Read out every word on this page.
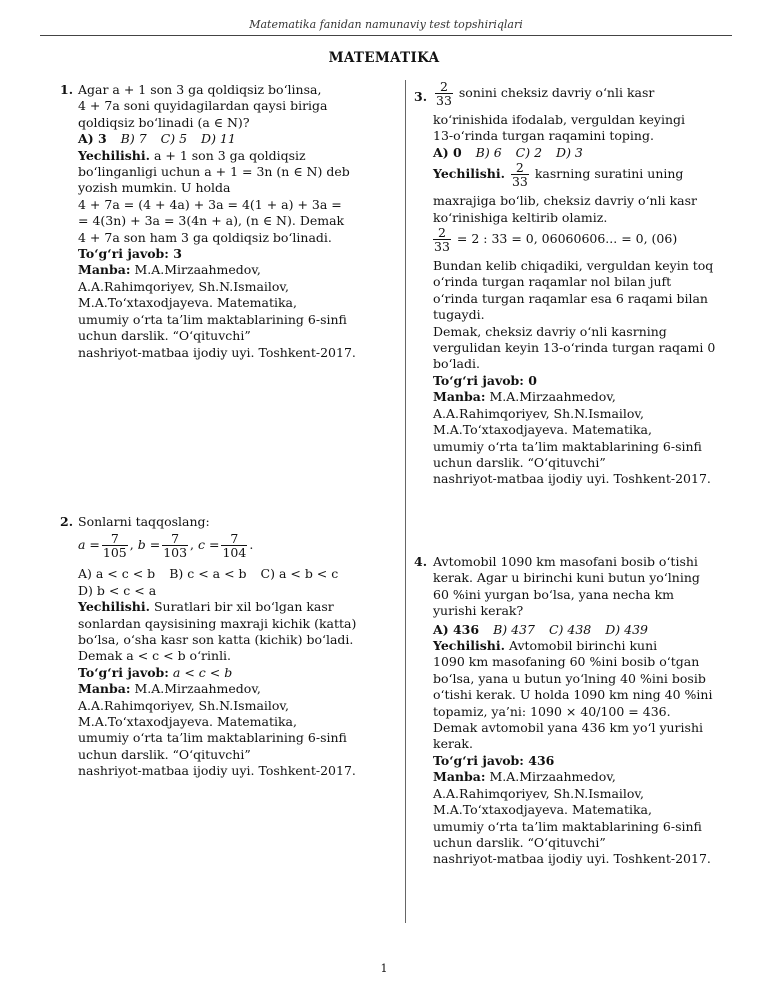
Matematika fanidan namunaviy test topshiriqlari
MATEMATIKA
1. Agar a + 1 son 3 ga qoldiqsiz bo‘linsa,
4 + 7a soni quyidagilardan qaysi biriga
qoldiqsiz bo‘linadi (a ∈ N)?
A) 3 B) 7 C) 5 D) 11
Yechilishi. a + 1 son 3 ga qoldiqsiz
bo‘linganligi uchun a + 1 = 3n (n ∈ N) deb
yozish mumkin. U holda
4 + 7a = (4 + 4a) + 3a = 4(1 + a) + 3a =
= 4(3n) + 3a = 3(4n + a), (n ∈ N). Demak
4 + 7a son ham 3 ga qoldiqsiz bo‘linadi.
To‘g‘ri javob: 3
Manba: M.A.Mirzaahmedov,
A.A.Rahimqoriyev, Sh.N.Ismailov,
M.A.To‘xtaxodjayeva. Matematika,
umumiy o‘rta ta’lim maktablarining 6-sinfi
uchun darslik. “O‘qituvchi”
nashriyot-matbaa ijodiy uyi. Toshkent-2017.
2. Sonlarni taqqoslang:
$a = \frac{7}{105}$ , $b = \frac{7}{103}$ , $c = \frac{7}{104}$ .
A) a < c < b B) c < a < b C) a < b < c
D) b < c < a
Yechilishi. Suratlari bir xil bo‘lgan kasr
sonlardan qaysisining maxraji kichik (katta)
bo‘lsa, o‘sha kasr son katta (kichik) bo‘ladi.
Demak a < c < b o‘rinli.
To‘g‘ri javob: a < c < b
Manba: M.A.Mirzaahmedov,
A.A.Rahimqoriyev, Sh.N.Ismailov,
M.A.To‘xtaxodjayeva. Matematika,
umumiy o‘rta ta’lim maktablarining 6-sinfi
uchun darslik. “O‘qituvchi”
nashriyot-matbaa ijodiy uyi. Toshkent-2017.
3. $\frac{2}{33}$ sonini cheksiz davriy o‘nli kasr
ko‘rinishida ifodalab, verguldan keyingi
13-o‘rinda turgan raqamini toping.
A) 0 B) 6 C) 2 D) 3
Yechilishi. $\frac{2}{33}$ kasrning suratini uning
maxrajiga bo‘lib, cheksiz davriy o‘nli kasr
ko‘rinishiga keltirib olamiz.
$\frac{2}{33} = 2$ : 33 = 0, 06060606... = 0, (06)
Bundan kelib chiqadiki, verguldan keyin toq
o‘rinda turgan raqamlar nol bilan juft
o‘rinda turgan raqamlar esa 6 raqami bilan
tugaydi.
Demak, cheksiz davriy o‘nli kasrning
vergulidan keyin 13-o‘rinda turgan raqami 0
bo‘ladi.
To‘g‘ri javob: 0
Manba: M.A.Mirzaahmedov,
A.A.Rahimqoriyev, Sh.N.Ismailov,
M.A.To‘xtaxodjayeva. Matematika,
umumiy o‘rta ta’lim maktablarining 6-sinfi
uchun darslik. “O‘qituvchi”
nashriyot-matbaa ijodiy uyi. Toshkent-2017.
4. Avtomobil 1090 km masofani bosib o‘tishi
kerak. Agar u birinchi kuni butun yo‘lning
60 %ini yurgan bo‘lsa, yana necha km
yurishi kerak?
A) 436 B) 437 C) 438 D) 439
Yechilishi. Avtomobil birinchi kuni
1090 km masofaning 60 %ini bosib o‘tgan
bo‘lsa, yana u butun yo‘lning 40 %ini bosib
o‘tishi kerak. U holda 1090 km ning 40 %ini
topamiz, ya’ni: 1090 × 40/100 = 436.
Demak avtomobil yana 436 km yo‘l yurishi
kerak.
To‘g‘ri javob: 436
Manba: M.A.Mirzaahmedov,
A.A.Rahimqoriyev, Sh.N.Ismailov,
M.A.To‘xtaxodjayeva. Matematika,
umumiy o‘rta ta’lim maktablarining 6-sinfi
uchun darslik. “O‘qituvchi”
nashriyot-matbaa ijodiy uyi. Toshkent-2017.
1
